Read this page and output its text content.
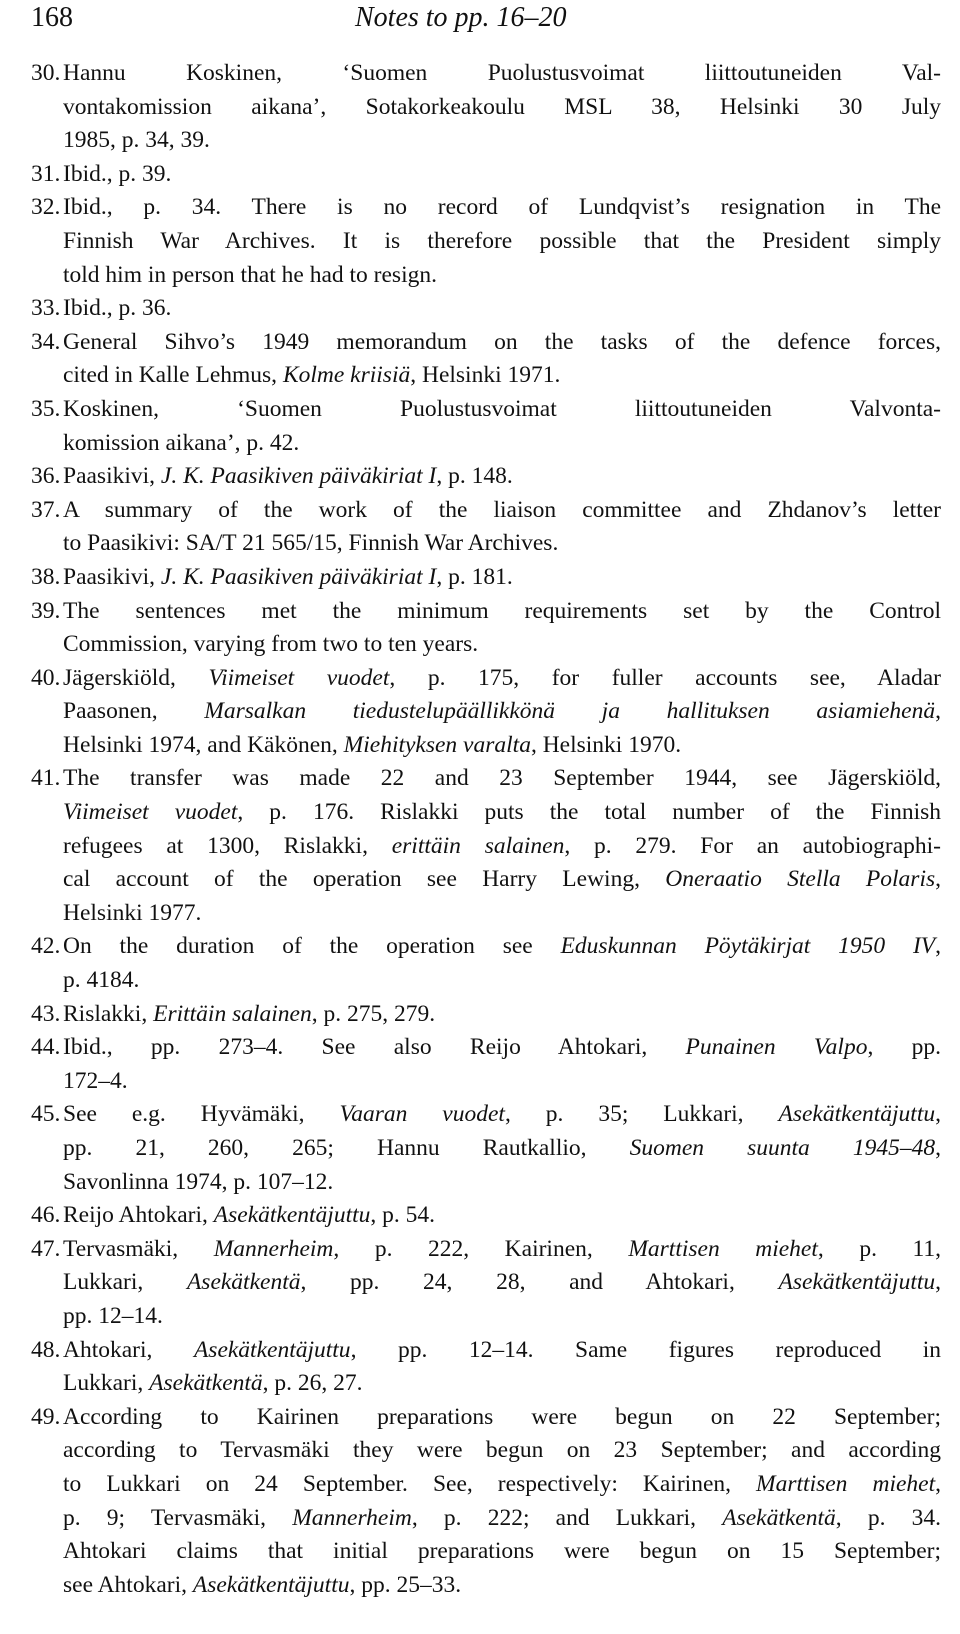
168	Notes to pp. 16–20
30. Hannu Koskinen, ‘Suomen Puolustusvoimat liittoutuneiden Val-
vontakomission aikana’, Sotakorkeakoulu MSL 38, Helsinki 30 July
1985, p. 34, 39.
31. Ibid., p. 39.
32. Ibid., p. 34. There is no record of Lundqvist’s resignation in The
Finnish War Archives. It is therefore possible that the President simply
told him in person that he had to resign.
33. Ibid., p. 36.
34. General Sihvo’s 1949 memorandum on the tasks of the defence forces,
cited in Kalle Lehmus, Kolme kriisiä, Helsinki 1971.
35. Koskinen, ‘Suomen Puolustusvoimat liittoutuneiden Valvonta-
komission aikana’, p. 42.
36. Paasikivi, J. K. Paasikiven päiväkiriat I, p. 148.
37. A summary of the work of the liaison committee and Zhdanov’s letter
to Paasikivi: SA/T 21 565/15, Finnish War Archives.
38. Paasikivi, J. K. Paasikiven päiväkiriat I, p. 181.
39. The sentences met the minimum requirements set by the Control
Commission, varying from two to ten years.
40. Jägerskiöld, Viimeiset vuodet, p. 175, for fuller accounts see, Aladar
Paasonen, Marsalkan tiedustelupäällikkönä ja hallituksen asiamiehenä,
Helsinki 1974, and Käkönen, Miehityksen varalta, Helsinki 1970.
41. The transfer was made 22 and 23 September 1944, see Jägerskiöld,
Viimeiset vuodet, p. 176. Rislakki puts the total number of the Finnish
refugees at 1300, Rislakki, erittäin salainen, p. 279. For an autobiographi-
cal account of the operation see Harry Lewing, Oneraatio Stella Polaris,
Helsinki 1977.
42. On the duration of the operation see Eduskunnan Pöytäkirjat 1950 IV,
p. 4184.
43. Rislakki, Erittäin salainen, p. 275, 279.
44. Ibid., pp. 273–4. See also Reijo Ahtokari, Punainen Valpo, pp.
172–4.
45. See e.g. Hyvämäki, Vaaran vuodet, p. 35; Lukkari, Asekätkentäjuttu,
pp. 21, 260, 265; Hannu Rautkallio, Suomen suunta 1945–48,
Savonlinna 1974, p. 107–12.
46. Reijo Ahtokari, Asekätkentäjuttu, p. 54.
47. Tervasmäki, Mannerheim, p. 222, Kairinen, Marttisen miehet, p. 11,
Lukkari, Asekätkentä, pp. 24, 28, and Ahtokari, Asekätkentäjuttu,
pp. 12–14.
48. Ahtokari, Asekätkentäjuttu, pp. 12–14. Same figures reproduced in
Lukkari, Asekätkentä, p. 26, 27.
49. According to Kairinen preparations were begun on 22 September;
according to Tervasmäki they were begun on 23 September; and according
to Lukkari on 24 September. See, respectively: Kairinen, Marttisen miehet,
p. 9; Tervasmäki, Mannerheim, p. 222; and Lukkari, Asekätkentä, p. 34.
Ahtokari claims that initial preparations were begun on 15 September;
see Ahtokari, Asekätkentäjuttu, pp. 25–33.
